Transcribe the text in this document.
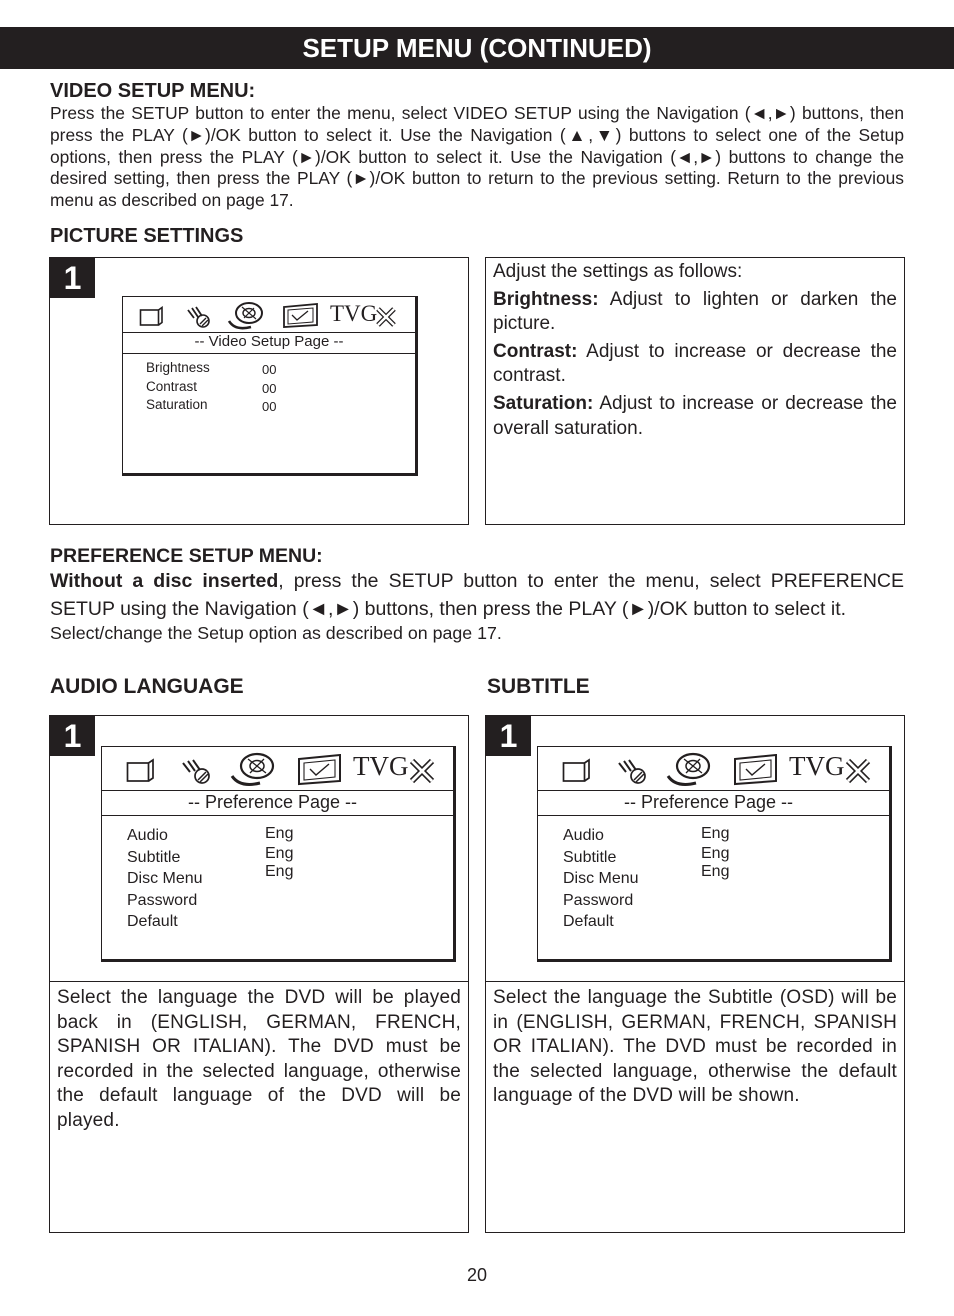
SETUP MENU (CONTINUED)
VIDEO SETUP MENU:
Press the SETUP button to enter the menu, select VIDEO SETUP using the Navigation (◄,►) buttons, then press the PLAY (►)/OK button to select it. Use the Navigation (▲,▼) buttons to select one of the Setup options, then press the PLAY (►)/OK button to select it. Use the Navigation (◄,►) buttons to change the desired setting, then press the PLAY (►)/OK button to return to the previous setting. Return to the previous menu as described on page 17.
PICTURE SETTINGS
1
TVG
-- Video Setup Page --
Brightness
Contrast
Saturation
00
00
00

Adjust the settings as follows:

Brightness: Adjust to lighten or darken the picture.

Contrast: Adjust to increase or decrease the contrast.

Saturation: Adjust to increase or decrease the overall saturation.

PREFERENCE SETUP MENU:
Without a disc inserted, press the SETUP button to enter the menu, select PREFERENCE SETUP using the Navigation (◄,►) buttons, then press the PLAY (►)/OK button to select it.
Select/change the Setup option as described on page 17.
AUDIO LANGUAGE	SUBTITLE
1
TVG
-- Preference Page --
Audio
Subtitle
Disc Menu
Password
Default
Eng
Eng
Eng
Select the language the DVD will be played back in (ENGLISH, GERMAN, FRENCH, SPANISH OR ITALIAN). The DVD must be recorded in the selected language, otherwise the default language of the DVD will be played.
1
TVG
-- Preference Page --
Audio
Subtitle
Disc Menu
Password
Default
Eng
Eng
Eng
Select the language the Subtitle (OSD) will be in (ENGLISH, GERMAN, FRENCH, SPANISH OR ITALIAN). The DVD must be recorded in the selected language, otherwise the default language of the DVD will be shown.
20
